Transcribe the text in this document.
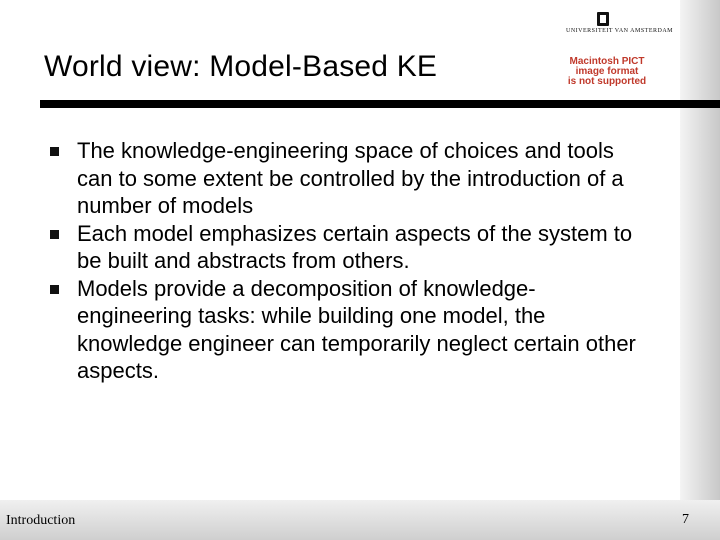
UNIVERSITEIT VAN AMSTERDAM
Macintosh PICT
image format
is not supported
World view: Model-Based KE
The knowledge-engineering space of choices and tools can to some extent be controlled by the introduction of a number of models
Each model emphasizes certain aspects of the system to be built and abstracts from others.
Models provide a decomposition of knowledge-engineering tasks: while building one model, the knowledge engineer can temporarily neglect certain other aspects.
Introduction	7
